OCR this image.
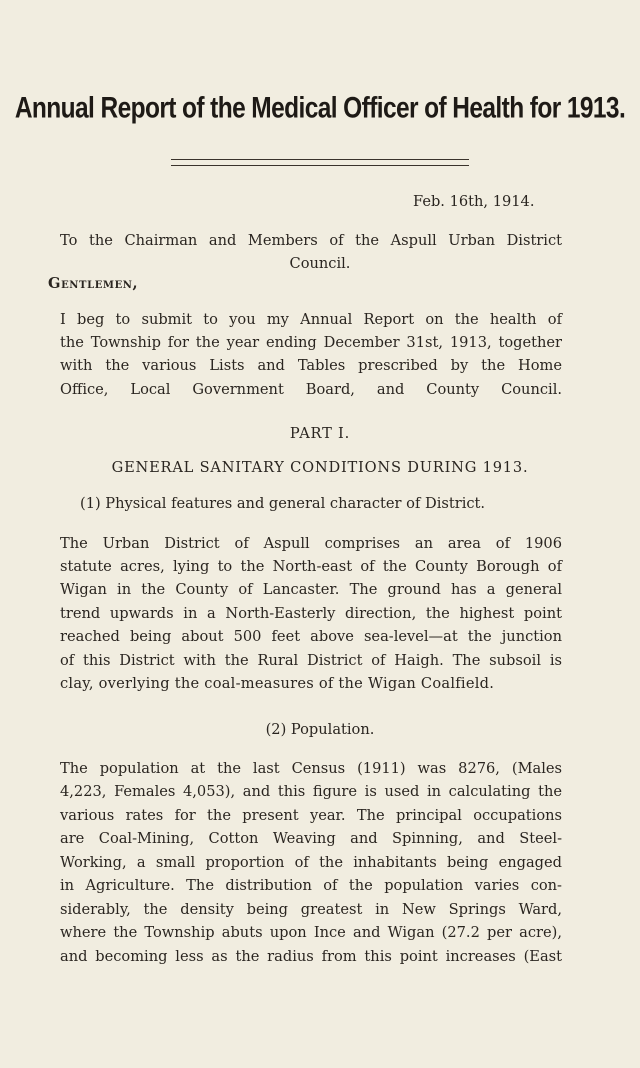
Annual Report of the Medical Officer of Health for 1913.
Feb. 16th, 1914.
To the Chairman and Members of the Aspull Urban District
Council.
Gentlemen,
I beg to submit to you my Annual Report on the health of
the Township for the year ending December 31st, 1913, together
with the various Lists and Tables prescribed by the Home
Office, Local Government Board, and County Council.
PART I.
GENERAL SANITARY CONDITIONS DURING 1913.
(1) Physical features and general character of District.
The Urban District of Aspull comprises an area of 1906
statute acres, lying to the North-east of the County Borough of
Wigan in the County of Lancaster. The ground has a general
trend upwards in a North-Easterly direction, the highest point
reached being about 500 feet above sea-level—at the junction
of this District with the Rural District of Haigh. The subsoil is
clay, overlying the coal-measures of the Wigan Coalfield.
(2) Population.
The population at the last Census (1911) was 8276, (Males
4,223, Females 4,053), and this figure is used in calculating the
various rates for the present year. The principal occupations
are Coal-Mining, Cotton Weaving and Spinning, and Steel-
Working, a small proportion of the inhabitants being engaged
in Agriculture. The distribution of the population varies con-
siderably, the density being greatest in New Springs Ward,
where the Township abuts upon Ince and Wigan (27.2 per acre),
and becoming less as the radius from this point increases (East
